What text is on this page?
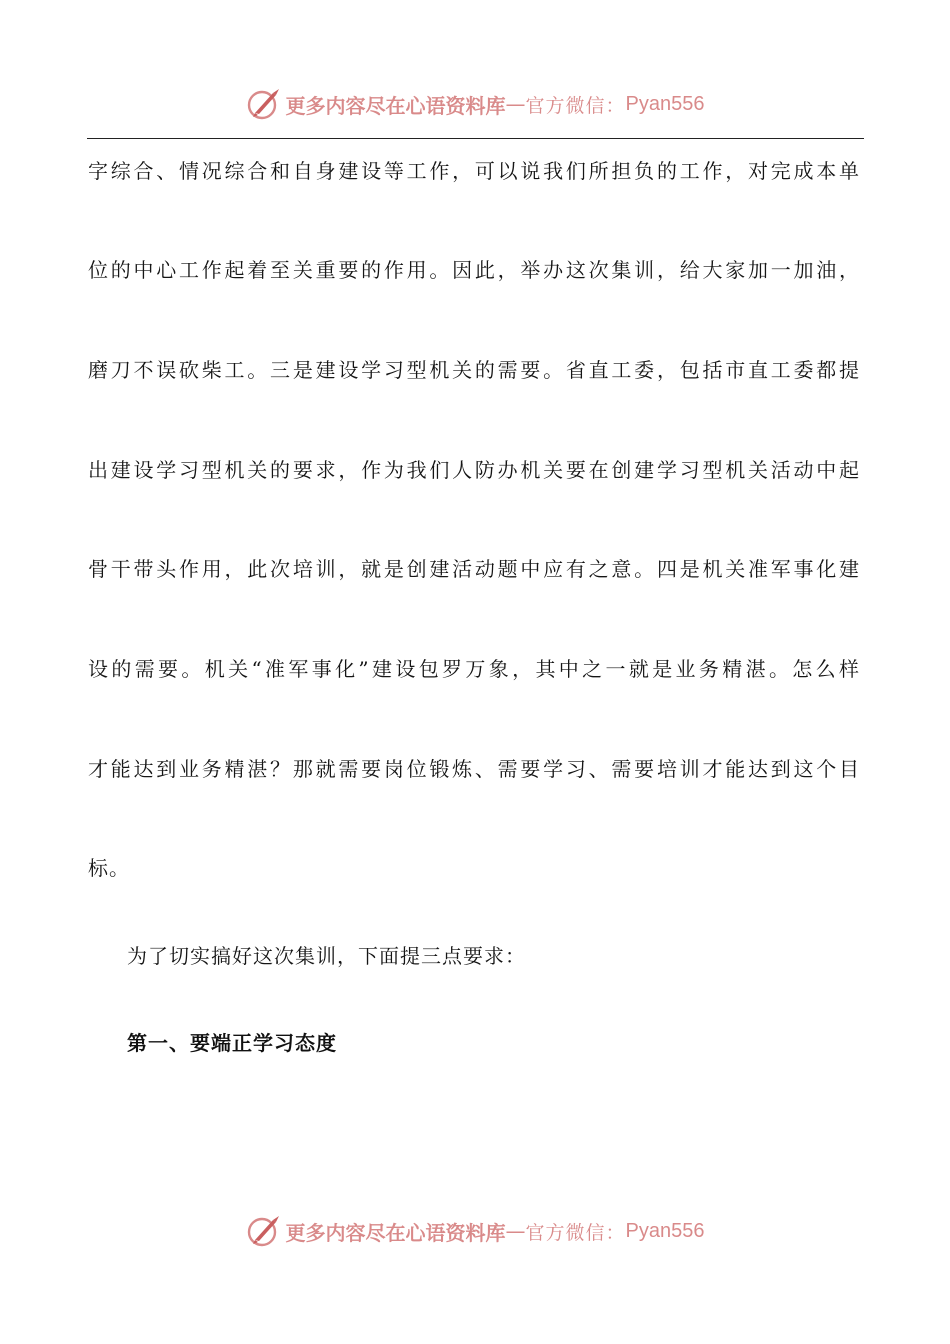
更多内容尽在心语资料库 — 官方微信： Pyan556
字综合、情况综合和自身建设等工作，可以说我们所担负的工作，对完成本单
位的中心工作起着至关重要的作用。因此，举办这次集训，给大家加一加油，
磨刀不误砍柴工。三是建设学习型机关的需要。省直工委，包括市直工委都提
出建设学习型机关的要求，作为我们人防办机关要在创建学习型机关活动中起
骨干带头作用，此次培训，就是创建活动题中应有之意。四是机关准军事化建
设的需要。机关“准军事化”建设包罗万象，其中之一就是业务精湛。怎么样
才能达到业务精湛？那就需要岗位锻炼、需要学习、需要培训才能达到这个目
标。
为了切实搞好这次集训，下面提三点要求：
第一、要端正学习态度
更多内容尽在心语资料库 — 官方微信： Pyan556
